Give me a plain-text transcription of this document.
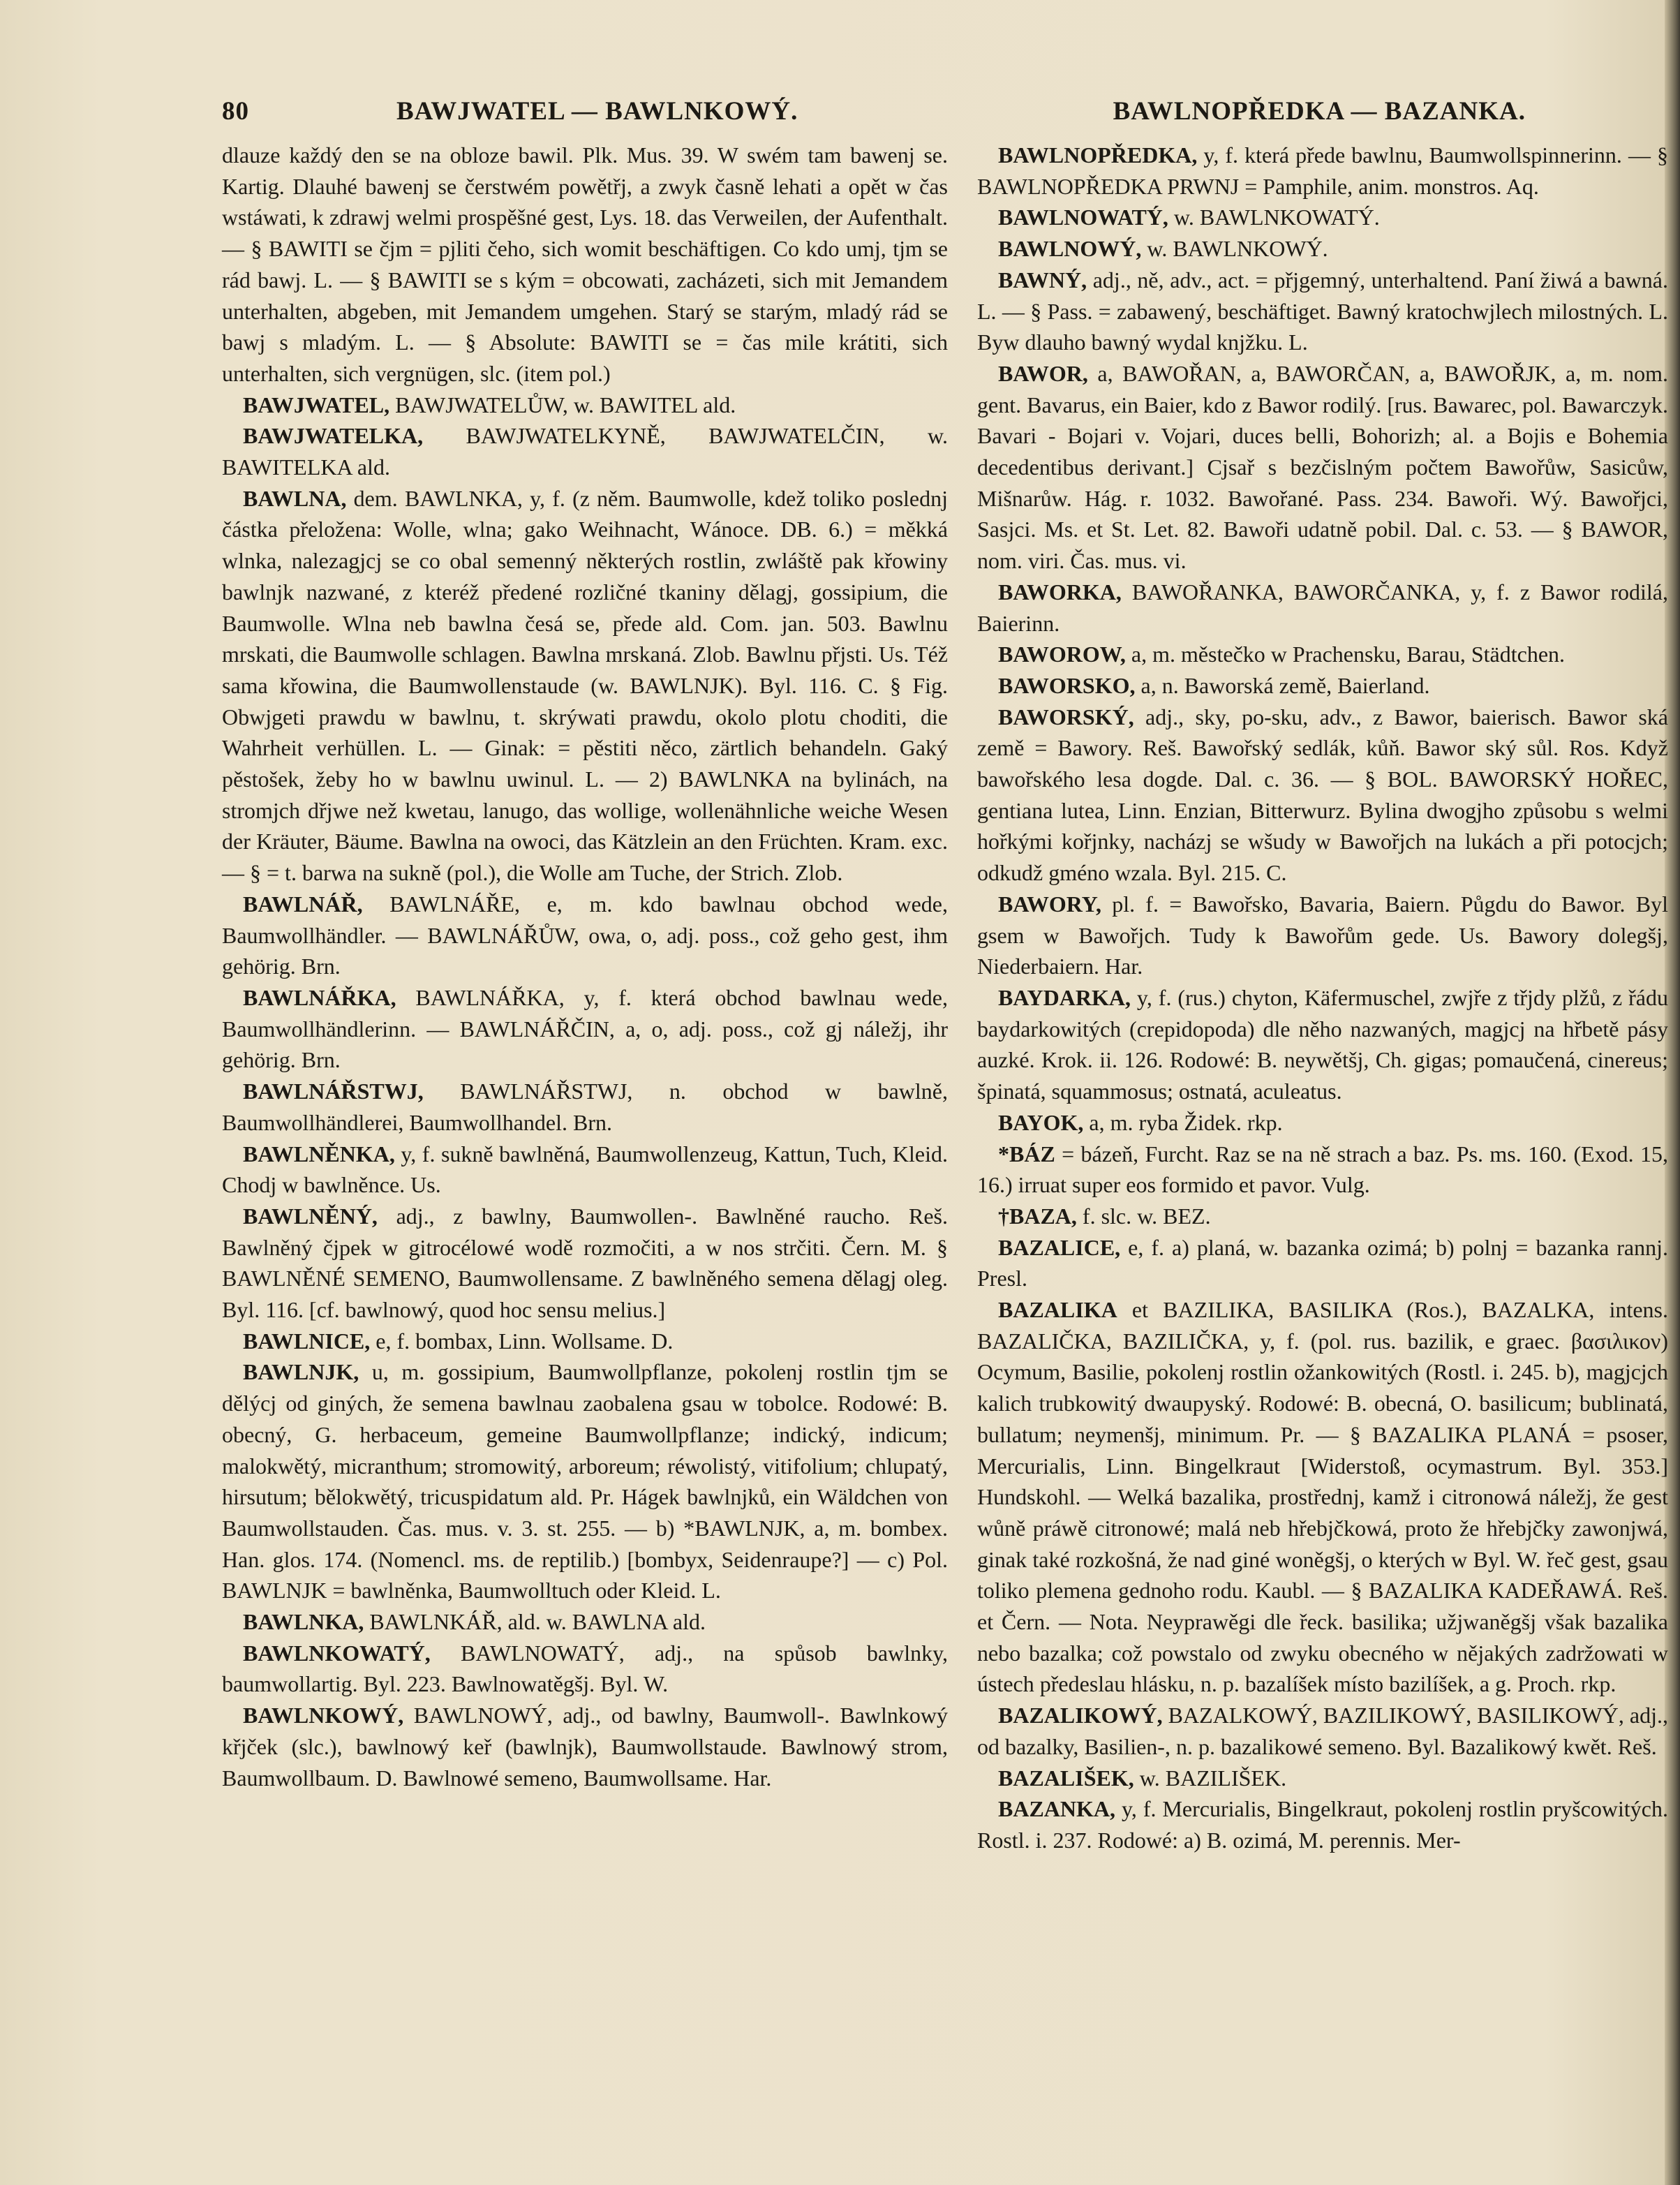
80	BAWJWATEL — BAWLNKOWÝ.	BAWLNOPŘEDKA — BAZANKA.

dlauze každý den se na obloze bawil. Plk. Mus. 39. W swém tam bawenj se. Kartig. Dlauhé bawenj se čerstwém powětřj, a zwyk časně lehati a opět w čas wstáwati, k zdrawj welmi prospěšné gest, Lys. 18. das Verweilen, der Aufenthalt. — § BAWITI se čjm = pjliti čeho, sich womit beschäftigen. Co kdo umj, tjm se rád bawj. L. — § BAWITI se s kým = obcowati, zacházeti, sich mit Jemandem unterhalten, abgeben, mit Jemandem umgehen. Starý se starým, mladý rád se bawj s mladým. L. — § Absolute: BAWITI se = čas mile krátiti, sich unterhalten, sich vergnügen, slc. (item pol.)

BAWJWATEL, BAWJWATELŮW, w. BAWITEL ald.

BAWJWATELKA, BAWJWATELKYNĚ, BAWJWATELČIN, w. BAWITELKA ald.

BAWLNA, dem. BAWLNKA, y, f. (z něm. Baumwolle, kdež toliko poslednj částka přeložena: Wolle, wlna; gako Weihnacht, Wánoce. DB. 6.) = měkká wlnka, nalezagjcj se co obal semenný některých rostlin, zwláště pak křowiny bawlnjk nazwané, z kteréž předené rozličné tkaniny dělagj, gossipium, die Baumwolle. Wlna neb bawlna česá se, přede ald. Com. jan. 503. Bawlnu mrskati, die Baumwolle schlagen. Bawlna mrskaná. Zlob. Bawlnu přjsti. Us. Též sama křowina, die Baumwollenstaude (w. BAWLNJK). Byl. 116. C. § Fig. Obwjgeti prawdu w bawlnu, t. skrýwati prawdu, okolo plotu choditi, die Wahrheit verhüllen. L. — Ginak: = pěstiti něco, zärtlich behandeln. Gaký pěstošek, žeby ho w bawlnu uwinul. L. — 2) BAWLNKA na bylinách, na stromjch dřjwe než kwetau, lanugo, das wollige, wollenähnliche weiche Wesen der Kräuter, Bäume. Bawlna na owoci, das Kätzlein an den Früchten. Kram. exc. — § = t. barwa na sukně (pol.), die Wolle am Tuche, der Strich. Zlob.

BAWLNÁŘ, BAWLNÁŘE, e, m. kdo bawlnau obchod wede, Baumwollhändler. — BAWLNÁŘŮW, owa, o, adj. poss., což geho gest, ihm gehörig. Brn.

BAWLNÁŘKA, BAWLNÁŘKA, y, f. která obchod bawlnau wede, Baumwollhändlerinn. — BAWLNÁŘČIN, a, o, adj. poss., což gj náležj, ihr gehörig. Brn.

BAWLNÁŘSTWJ, BAWLNÁŘSTWJ, n. obchod w bawlně, Baumwollhändlerei, Baumwollhandel. Brn.

BAWLNĚNKA, y, f. sukně bawlněná, Baumwollenzeug, Kattun, Tuch, Kleid. Chodj w bawlněnce. Us.

BAWLNĚNÝ, adj., z bawlny, Baumwollen-. Bawlněné raucho. Reš. Bawlněný čjpek w gitrocélowé wodě rozmočiti, a w nos strčiti. Čern. M. § BAWLNĚNÉ SEMENO, Baumwollensame. Z bawlněného semena dělagj oleg. Byl. 116. [cf. bawlnowý, quod hoc sensu melius.]

BAWLNICE, e, f. bombax, Linn. Wollsame. D.

BAWLNJK, u, m. gossipium, Baumwollpflanze, pokolenj rostlin tjm se dělýcj od giných, že semena bawlnau zaobalena gsau w tobolce. Rodowé: B. obecný, G. herbaceum, gemeine Baumwollpflanze; indický, indicum; malokwětý, micranthum; stromowitý, arboreum; réwolistý, vitifolium; chlupatý, hirsutum; bělokwětý, tricuspidatum ald. Pr. Hágek bawlnjků, ein Wäldchen von Baumwollstauden. Čas. mus. v. 3. st. 255. — b) *BAWLNJK, a, m. bombex. Han. glos. 174. (Nomencl. ms. de reptilib.) [bombyx, Seidenraupe?] — c) Pol. BAWLNJK = bawlněnka, Baumwolltuch oder Kleid. L.

BAWLNKA, BAWLNKÁŘ, ald. w. BAWLNA ald.

BAWLNKOWATÝ, BAWLNOWATÝ, adj., na spůsob bawlnky, baumwollartig. Byl. 223. Bawlnowatěgšj. Byl. W.

BAWLNKOWÝ, BAWLNOWÝ, adj., od bawlny, Baumwoll-. Bawlnkowý křjček (slc.), bawlnowý keř (bawlnjk), Baumwollstaude. Bawlnowý strom, Baumwollbaum. D. Bawlnowé semeno, Baumwollsame. Har.

BAWLNOPŘEDKA, y, f. která přede bawlnu, Baumwollspinnerinn. — § BAWLNOPŘEDKA PRWNJ = Pamphile, anim. monstros. Aq.

BAWLNOWATÝ, w. BAWLNKOWATÝ.

BAWLNOWÝ, w. BAWLNKOWÝ.

BAWNÝ, adj., ně, adv., act. = přjgemný, unterhaltend. Paní žiwá a bawná. L. — § Pass. = zabawený, beschäftiget. Bawný kratochwjlech milostných. L. Byw dlauho bawný wydal knjžku. L.

BAWOR, a, BAWOŘAN, a, BAWORČAN, a, BAWOŘJK, a, m. nom. gent. Bavarus, ein Baier, kdo z Bawor rodilý. [rus. Bawarec, pol. Bawarczyk. Bavari - Bojari v. Vojari, duces belli, Bohorizh; al. a Bojis e Bohemia decedentibus derivant.] Cjsař s bezčislným počtem Bawořůw, Sasicůw, Mišnarůw. Hág. r. 1032. Bawořané. Pass. 234. Bawoři. Wý. Bawořjci, Sasjci. Ms. et St. Let. 82. Bawoři udatně pobil. Dal. c. 53. — § BAWOR, nom. viri. Čas. mus. vi.

BAWORKA, BAWOŘANKA, BAWORČANKA, y, f. z Bawor rodilá, Baierinn.

BAWOROW, a, m. městečko w Prachensku, Barau, Städtchen.

BAWORSKO, a, n. Baworská země, Baierland.

BAWORSKÝ, adj., sky, po-sku, adv., z Bawor, baierisch. Bawor ská země = Bawory. Reš. Bawořský sedlák, kůň. Bawor ský sůl. Ros. Když bawořského lesa dogde. Dal. c. 36. — § BOL. BAWORSKÝ HOŘEC, gentiana lutea, Linn. Enzian, Bitterwurz. Bylina dwogjho způsobu s welmi hořkými kořjnky, nacházj se wšudy w Bawořjch na lukách a při potocjch; odkudž gméno wzala. Byl. 215. C.

BAWORY, pl. f. = Bawořsko, Bavaria, Baiern. Půgdu do Bawor. Byl gsem w Bawořjch. Tudy k Bawořům gede. Us. Bawory dolegšj, Niederbaiern. Har.

BAYDARKA, y, f. (rus.) chyton, Käfermuschel, zwjře z třjdy plžů, z řádu baydarkowitých (crepidopoda) dle něho nazwaných, magjcj na hřbetě pásy auzké. Krok. ii. 126. Rodowé: B. neywětšj, Ch. gigas; pomaučená, cinereus; špinatá, squammosus; ostnatá, aculeatus.

BAYOK, a, m. ryba Židek. rkp.

*BÁZ = bázeň, Furcht. Raz se na ně strach a baz. Ps. ms. 160. (Exod. 15, 16.) irruat super eos formido et pavor. Vulg.

†BAZA, f. slc. w. BEZ.

BAZALICE, e, f. a) planá, w. bazanka ozimá; b) polnj = bazanka rannj. Presl.

BAZALIKA et BAZILIKA, BASILIKA (Ros.), BAZALKA, intens. BAZALIČKA, BAZILIČKA, y, f. (pol. rus. bazilik, e graec. βασιλικον) Ocymum, Basilie, pokolenj rostlin ožankowitých (Rostl. i. 245. b), magjcjch kalich trubkowitý dwaupyský. Rodowé: B. obecná, O. basilicum; bublinatá, bullatum; neymenšj, minimum. Pr. — § BAZALIKA PLANÁ = psoser, Mercurialis, Linn. Bingelkraut [Widerstoß, ocymastrum. Byl. 353.] Hundskohl. — Welká bazalika, prostřednj, kamž i citronowá náležj, že gest wůně práwě citronowé; malá neb hřebjčkowá, proto že hřebjčky zawonjwá, ginak také rozkošná, že nad giné woněgšj, o kterých w Byl. W. řeč gest, gsau toliko plemena gednoho rodu. Kaubl. — § BAZALIKA KADEŘAWÁ. Reš. et Čern. — Nota. Neyprawěgi dle řeck. basilika; užjwaněgšj však bazalika nebo bazalka; což powstalo od zwyku obecného w nějakých zadržowati w ústech předeslau hlásku, n. p. bazalíšek místo bazilíšek, a g. Proch. rkp.

BAZALIKOWÝ, BAZALKOWÝ, BAZILIKOWÝ, BASILIKOWÝ, adj., od bazalky, Basilien-, n. p. bazalikowé semeno. Byl. Bazalikowý kwět. Reš.

BAZALIŠEK, w. BAZILIŠEK.

BAZANKA, y, f. Mercurialis, Bingelkraut, pokolenj rostlin pryšcowitých. Rostl. i. 237. Rodowé: a) B. ozimá, M. perennis. Mer-
